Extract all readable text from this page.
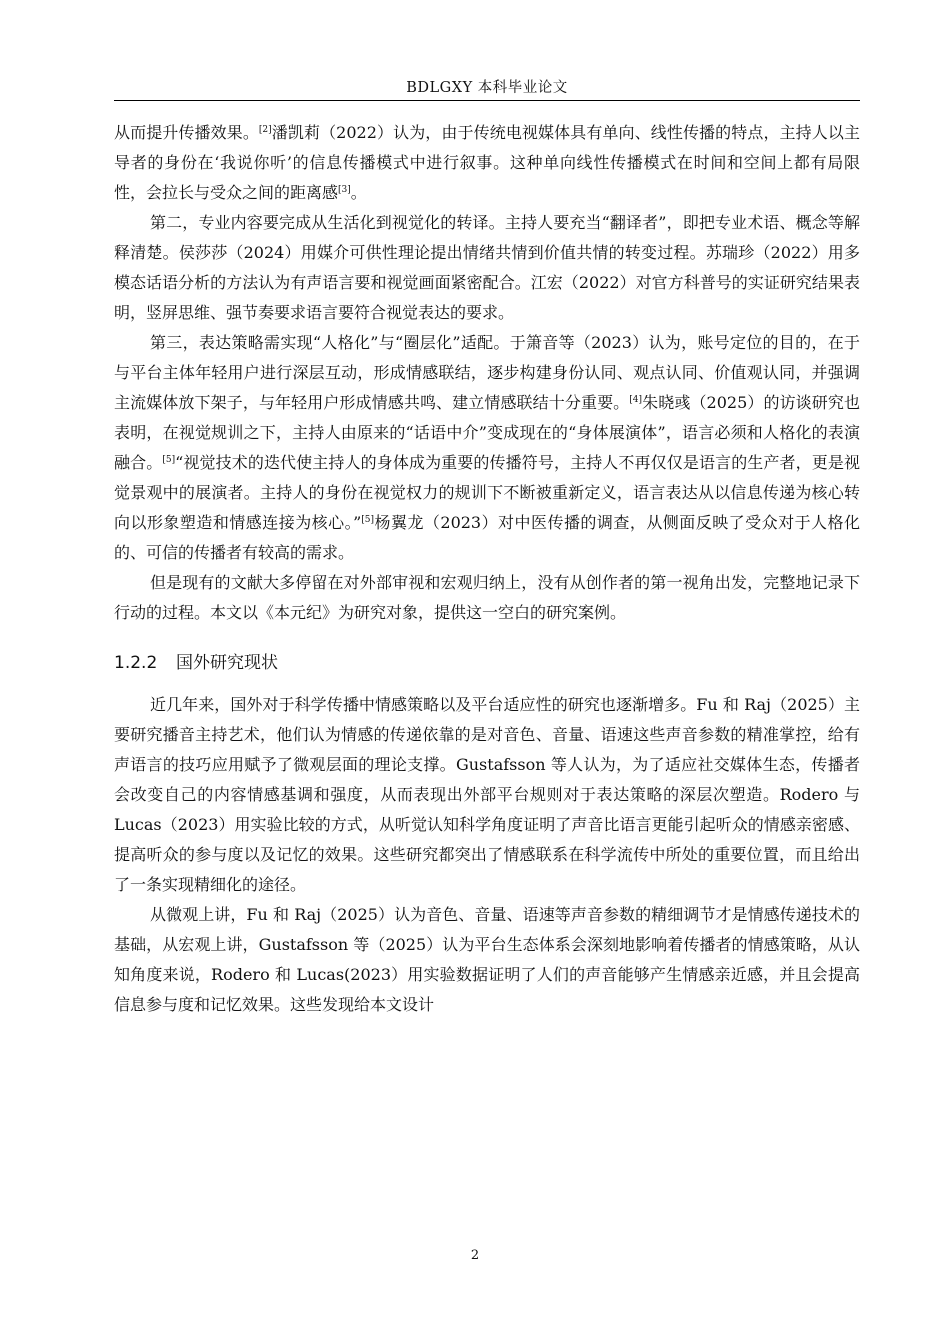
BDLGXY 本科毕业论文

从而提升传播效果。[2]潘凯莉（2022）认为，由于传统电视媒体具有单向、线性传播的特点，主持人以主导者的身份在‘我说你听’的信息传播模式中进行叙事。这种单向线性传播模式在时间和空间上都有局限性，会拉长与受众之间的距离感[3]。

第二，专业内容要完成从生活化到视觉化的转译。主持人要充当“翻译者”，即把专业术语、概念等解释清楚。侯莎莎（2024）用媒介可供性理论提出情绪共情到价值共情的转变过程。苏瑞珍（2022）用多模态话语分析的方法认为有声语言要和视觉画面紧密配合。江宏（2022）对官方科普号的实证研究结果表明，竖屏思维、强节奏要求语言要符合视觉表达的要求。

第三，表达策略需实现“人格化”与“圈层化”适配。于箫音等（2023）认为，账号定位的目的，在于与平台主体年轻用户进行深层互动，形成情感联结，逐步构建身份认同、观点认同、价值观认同，并强调主流媒体放下架子，与年轻用户形成情感共鸣、建立情感联结十分重要。[4]朱晓彧（2025）的访谈研究也表明，在视觉规训之下，主持人由原来的“话语中介”变成现在的“身体展演体”，语言必须和人格化的表演融合。[5]“视觉技术的迭代使主持人的身体成为重要的传播符号，主持人不再仅仅是语言的生产者，更是视觉景观中的展演者。主持人的身份在视觉权力的规训下不断被重新定义，语言表达从以信息传递为核心转向以形象塑造和情感连接为核心。”[5]杨翼龙（2023）对中医传播的调查，从侧面反映了受众对于人格化的、可信的传播者有较高的需求。

但是现有的文献大多停留在对外部审视和宏观归纳上，没有从创作者的第一视角出发，完整地记录下行动的过程。本文以《本元纪》为研究对象，提供这一空白的研究案例。

1.2.2 国外研究现状

近几年来，国外对于科学传播中情感策略以及平台适应性的研究也逐渐增多。Fu 和 Raj（2025）主要研究播音主持艺术，他们认为情感的传递依靠的是对音色、音量、语速这些声音参数的精准掌控，给有声语言的技巧应用赋予了微观层面的理论支撑。Gustafsson 等人认为，为了适应社交媒体生态，传播者会改变自己的内容情感基调和强度，从而表现出外部平台规则对于表达策略的深层次塑造。Rodero 与 Lucas（2023）用实验比较的方式，从听觉认知科学角度证明了声音比语言更能引起听众的情感亲密感、提高听众的参与度以及记忆的效果。这些研究都突出了情感联系在科学流传中所处的重要位置，而且给出了一条实现精细化的途径。

从微观上讲，Fu 和 Raj（2025）认为音色、音量、语速等声音参数的精细调节才是情感传递技术的基础，从宏观上讲，Gustafsson 等（2025）认为平台生态体系会深刻地影响着传播者的情感策略，从认知角度来说，Rodero 和 Lucas(2023）用实验数据证明了人们的声音能够产生情感亲近感，并且会提高信息参与度和记忆效果。这些发现给本文设计

2
